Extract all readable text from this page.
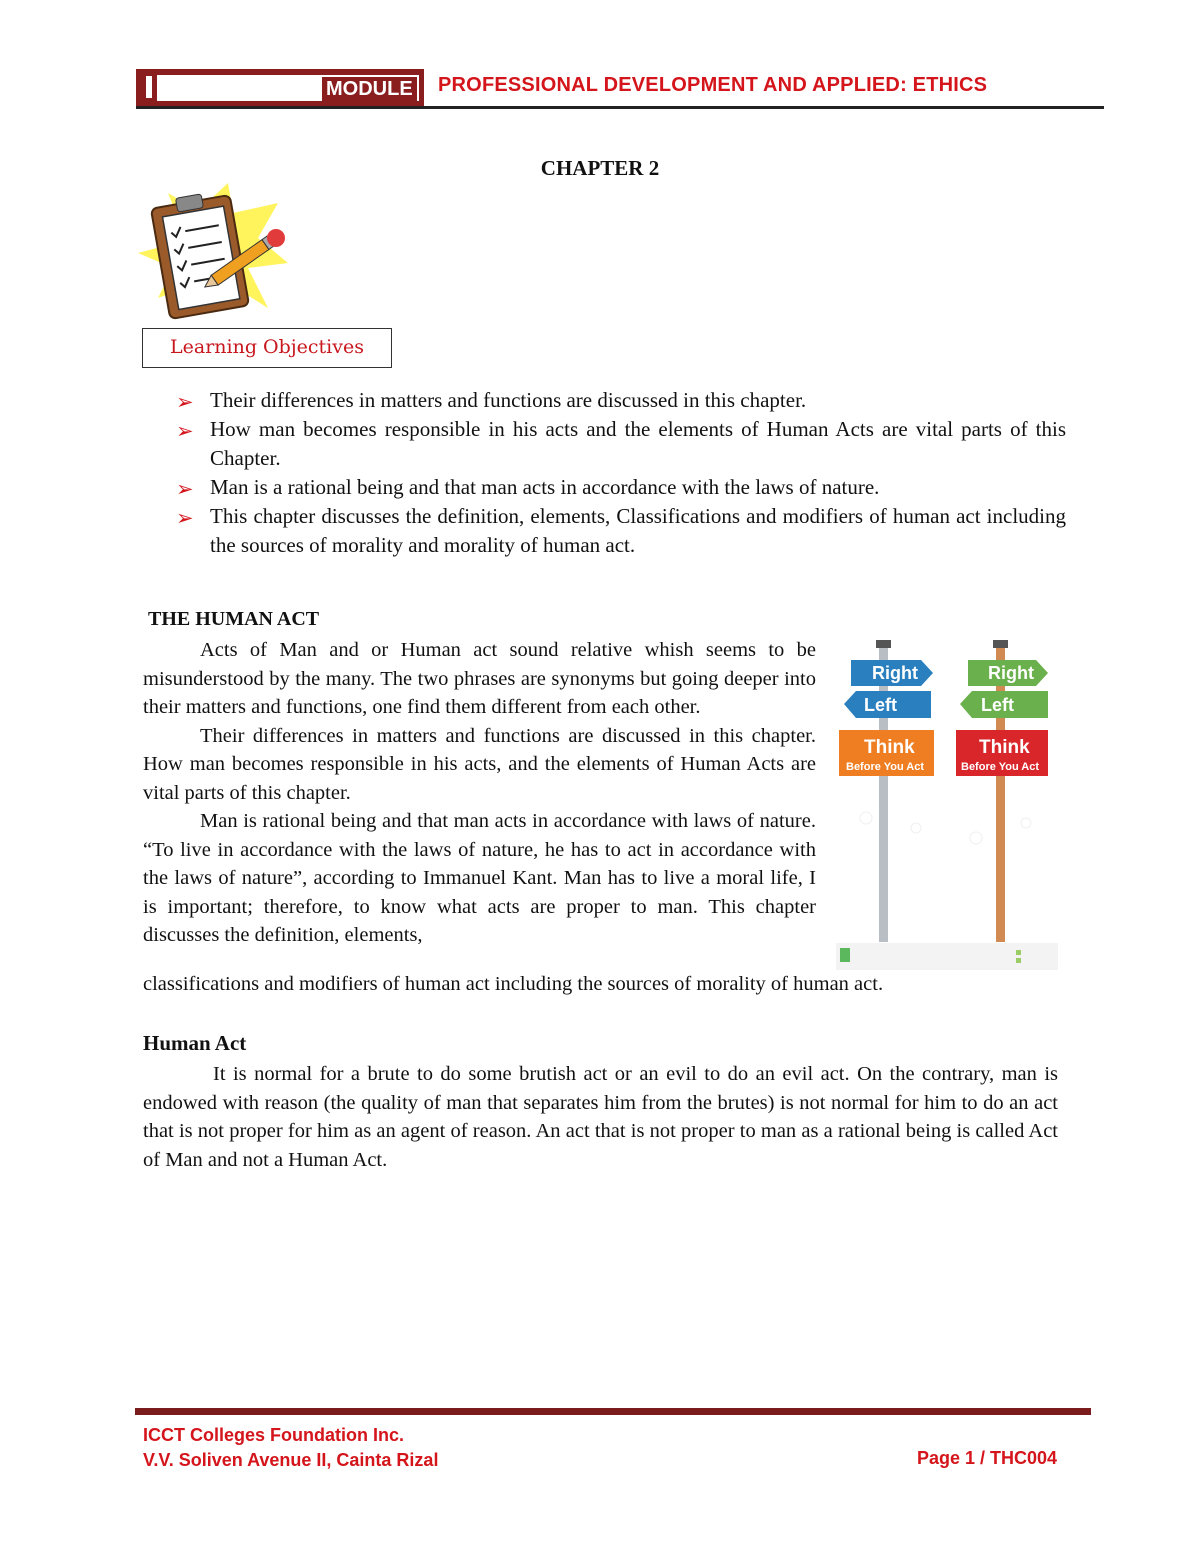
MODULE PROFESSIONAL DEVELOPMENT AND APPLIED: ETHICS
CHAPTER 2
Learning Objectives
➢ Their differences in matters and functions are discussed in this chapter.
➢ How man becomes responsible in his acts and the elements of Human Acts are vital parts of this Chapter.
➢ Man is a rational being and that man acts in accordance with the laws of nature.
➢ This chapter discusses the definition, elements, Classifications and modifiers of human act including the sources of morality and morality of human act.
THE HUMAN ACT

Acts of Man and or Human act sound relative whish seems to be misunderstood by the many. The two phrases are synonyms but going deeper into their matters and functions, one find them different from each other.

Their differences in matters and functions are discussed in this chapter. How man becomes responsible in his acts, and the elements of Human Acts are vital parts of this chapter.

Man is rational being and that man acts in accordance with laws of nature. “To live in accordance with the laws of nature, he has to act in accordance with the laws of nature”, according to Immanuel Kant. Man has to live a moral life, I is important; therefore, to know what acts are proper to man. This chapter discusses the definition, elements,

classifications and modifiers of human act including the sources of morality of human act.
Right
Left
Think
Before You Act
Right
Left
Think
Before You Act
Human Act

It is normal for a brute to do some brutish act or an evil to do an evil act. On the contrary, man is endowed with reason (the quality of man that separates him from the brutes) is not normal for him to do an act that is not proper for him as an agent of reason. An act that is not proper to man as a rational being is called Act of Man and not a Human Act.

ICCT Colleges Foundation Inc.
V.V. Soliven Avenue II, Cainta Rizal	Page 1 / THC004
